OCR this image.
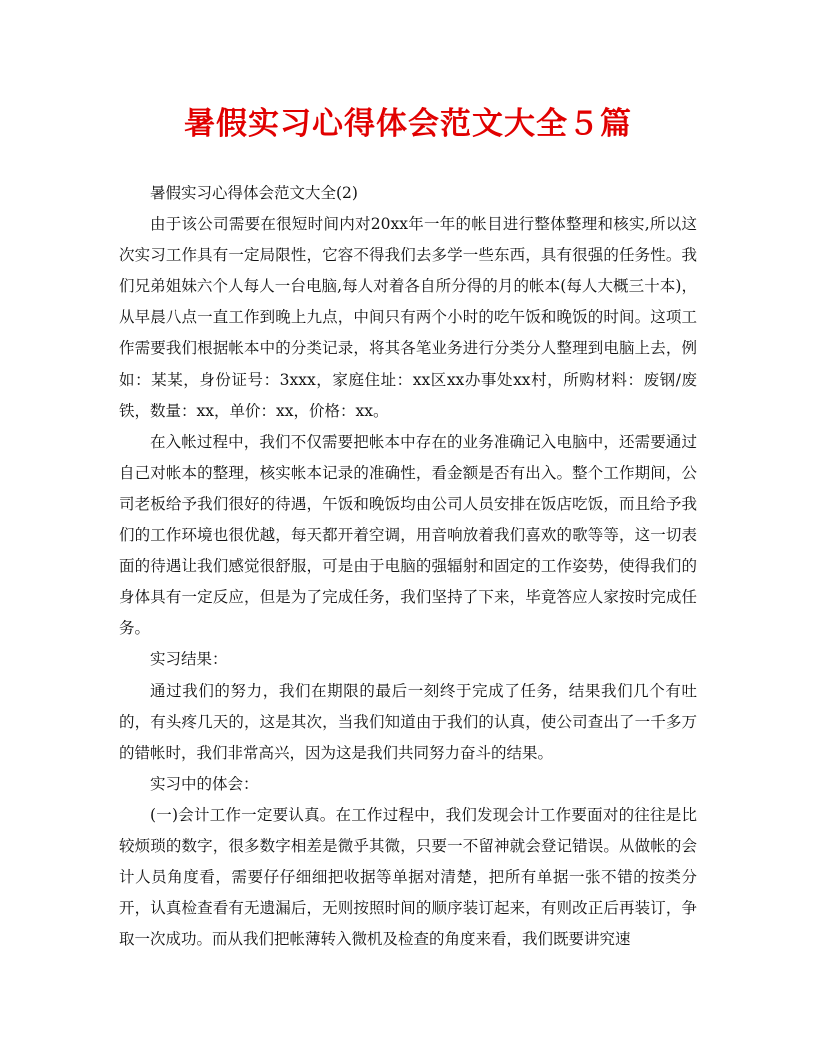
暑假实习心得体会范文大全５篇

暑假实习心得体会范文大全(2)

由于该公司需要在很短时间内对20xx年一年的帐目进行整体整理和核实,所以这次实习工作具有一定局限性，它容不得我们去多学一些东西，具有很强的任务性。我们兄弟姐妹六个人每人一台电脑,每人对着各自所分得的月的帐本(每人大概三十本)，从早晨八点一直工作到晚上九点，中间只有两个小时的吃午饭和晚饭的时间。这项工作需要我们根据帐本中的分类记录，将其各笔业务进行分类分人整理到电脑上去，例如：某某，身份证号：3xxx，家庭住址：xx区xx办事处xx村，所购材料：废钢/废铁，数量：xx，单价：xx，价格：xx。

在入帐过程中，我们不仅需要把帐本中存在的业务准确记入电脑中，还需要通过自己对帐本的整理，核实帐本记录的准确性，看金额是否有出入。整个工作期间，公司老板给予我们很好的待遇，午饭和晚饭均由公司人员安排在饭店吃饭，而且给予我们的工作环境也很优越，每天都开着空调，用音响放着我们喜欢的歌等等，这一切表面的待遇让我们感觉很舒服，可是由于电脑的强辐射和固定的工作姿势，使得我们的身体具有一定反应，但是为了完成任务，我们坚持了下来，毕竟答应人家按时完成任务。

实习结果：

通过我们的努力，我们在期限的最后一刻终于完成了任务，结果我们几个有吐的，有头疼几天的，这是其次，当我们知道由于我们的认真，使公司查出了一千多万的错帐时，我们非常高兴，因为这是我们共同努力奋斗的结果。

实习中的体会：

(一)会计工作一定要认真。在工作过程中，我们发现会计工作要面对的往往是比较烦琐的数字，很多数字相差是微乎其微，只要一不留神就会登记错误。从做帐的会计人员角度看，需要仔仔细细把收据等单据对清楚，把所有单据一张不错的按类分开，认真检查看有无遗漏后，无则按照时间的顺序装订起来，有则改正后再装订，争取一次成功。而从我们把帐薄转入微机及检查的角度来看，我们既要讲究速
